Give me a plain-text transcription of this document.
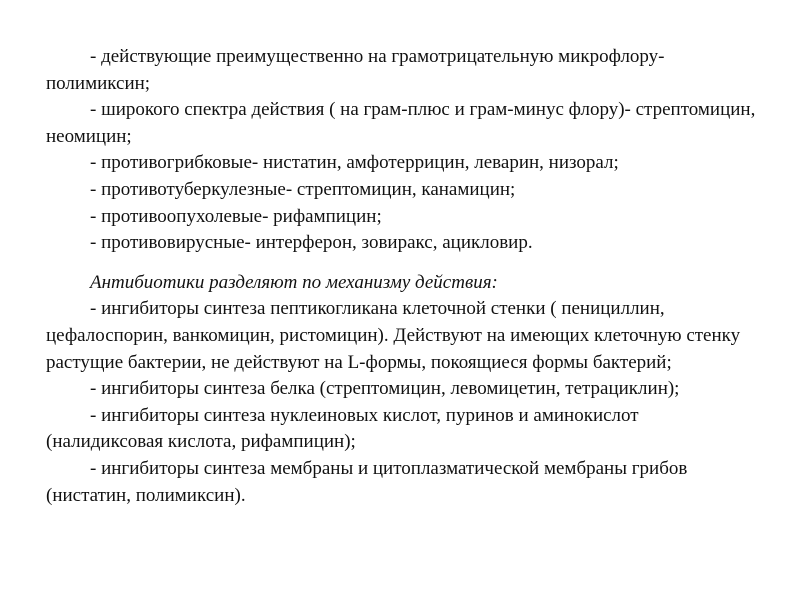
- действующие преимущественно на грамотрицательную микрофлору- полимиксин;

- широкого спектра действия ( на грам-плюс и грам-минус флору)- стрептомицин, неомицин;

- противогрибковые- нистатин, амфотеррицин, леварин, низорал;

- противотуберкулезные- стрептомицин, канамицин;

- противоопухолевые- рифампицин;

- противовирусные- интерферон, зовиракс, ацикловир.

Антибиотики разделяют по механизму действия:

- ингибиторы синтеза пептикогликана клеточной стенки ( пенициллин, цефалоспорин, ванкомицин, ристомицин). Действуют на имеющих клеточную стенку растущие бактерии, не действуют на L-формы, покоящиеся формы бактерий;

- ингибиторы синтеза белка (стрептомицин, левомицетин, тетрациклин);

- ингибиторы синтеза нуклеиновых кислот, пуринов и аминокислот (налидиксовая кислота, рифампицин);

- ингибиторы синтеза мембраны и цитоплазматической мембраны грибов (нистатин, полимиксин).
